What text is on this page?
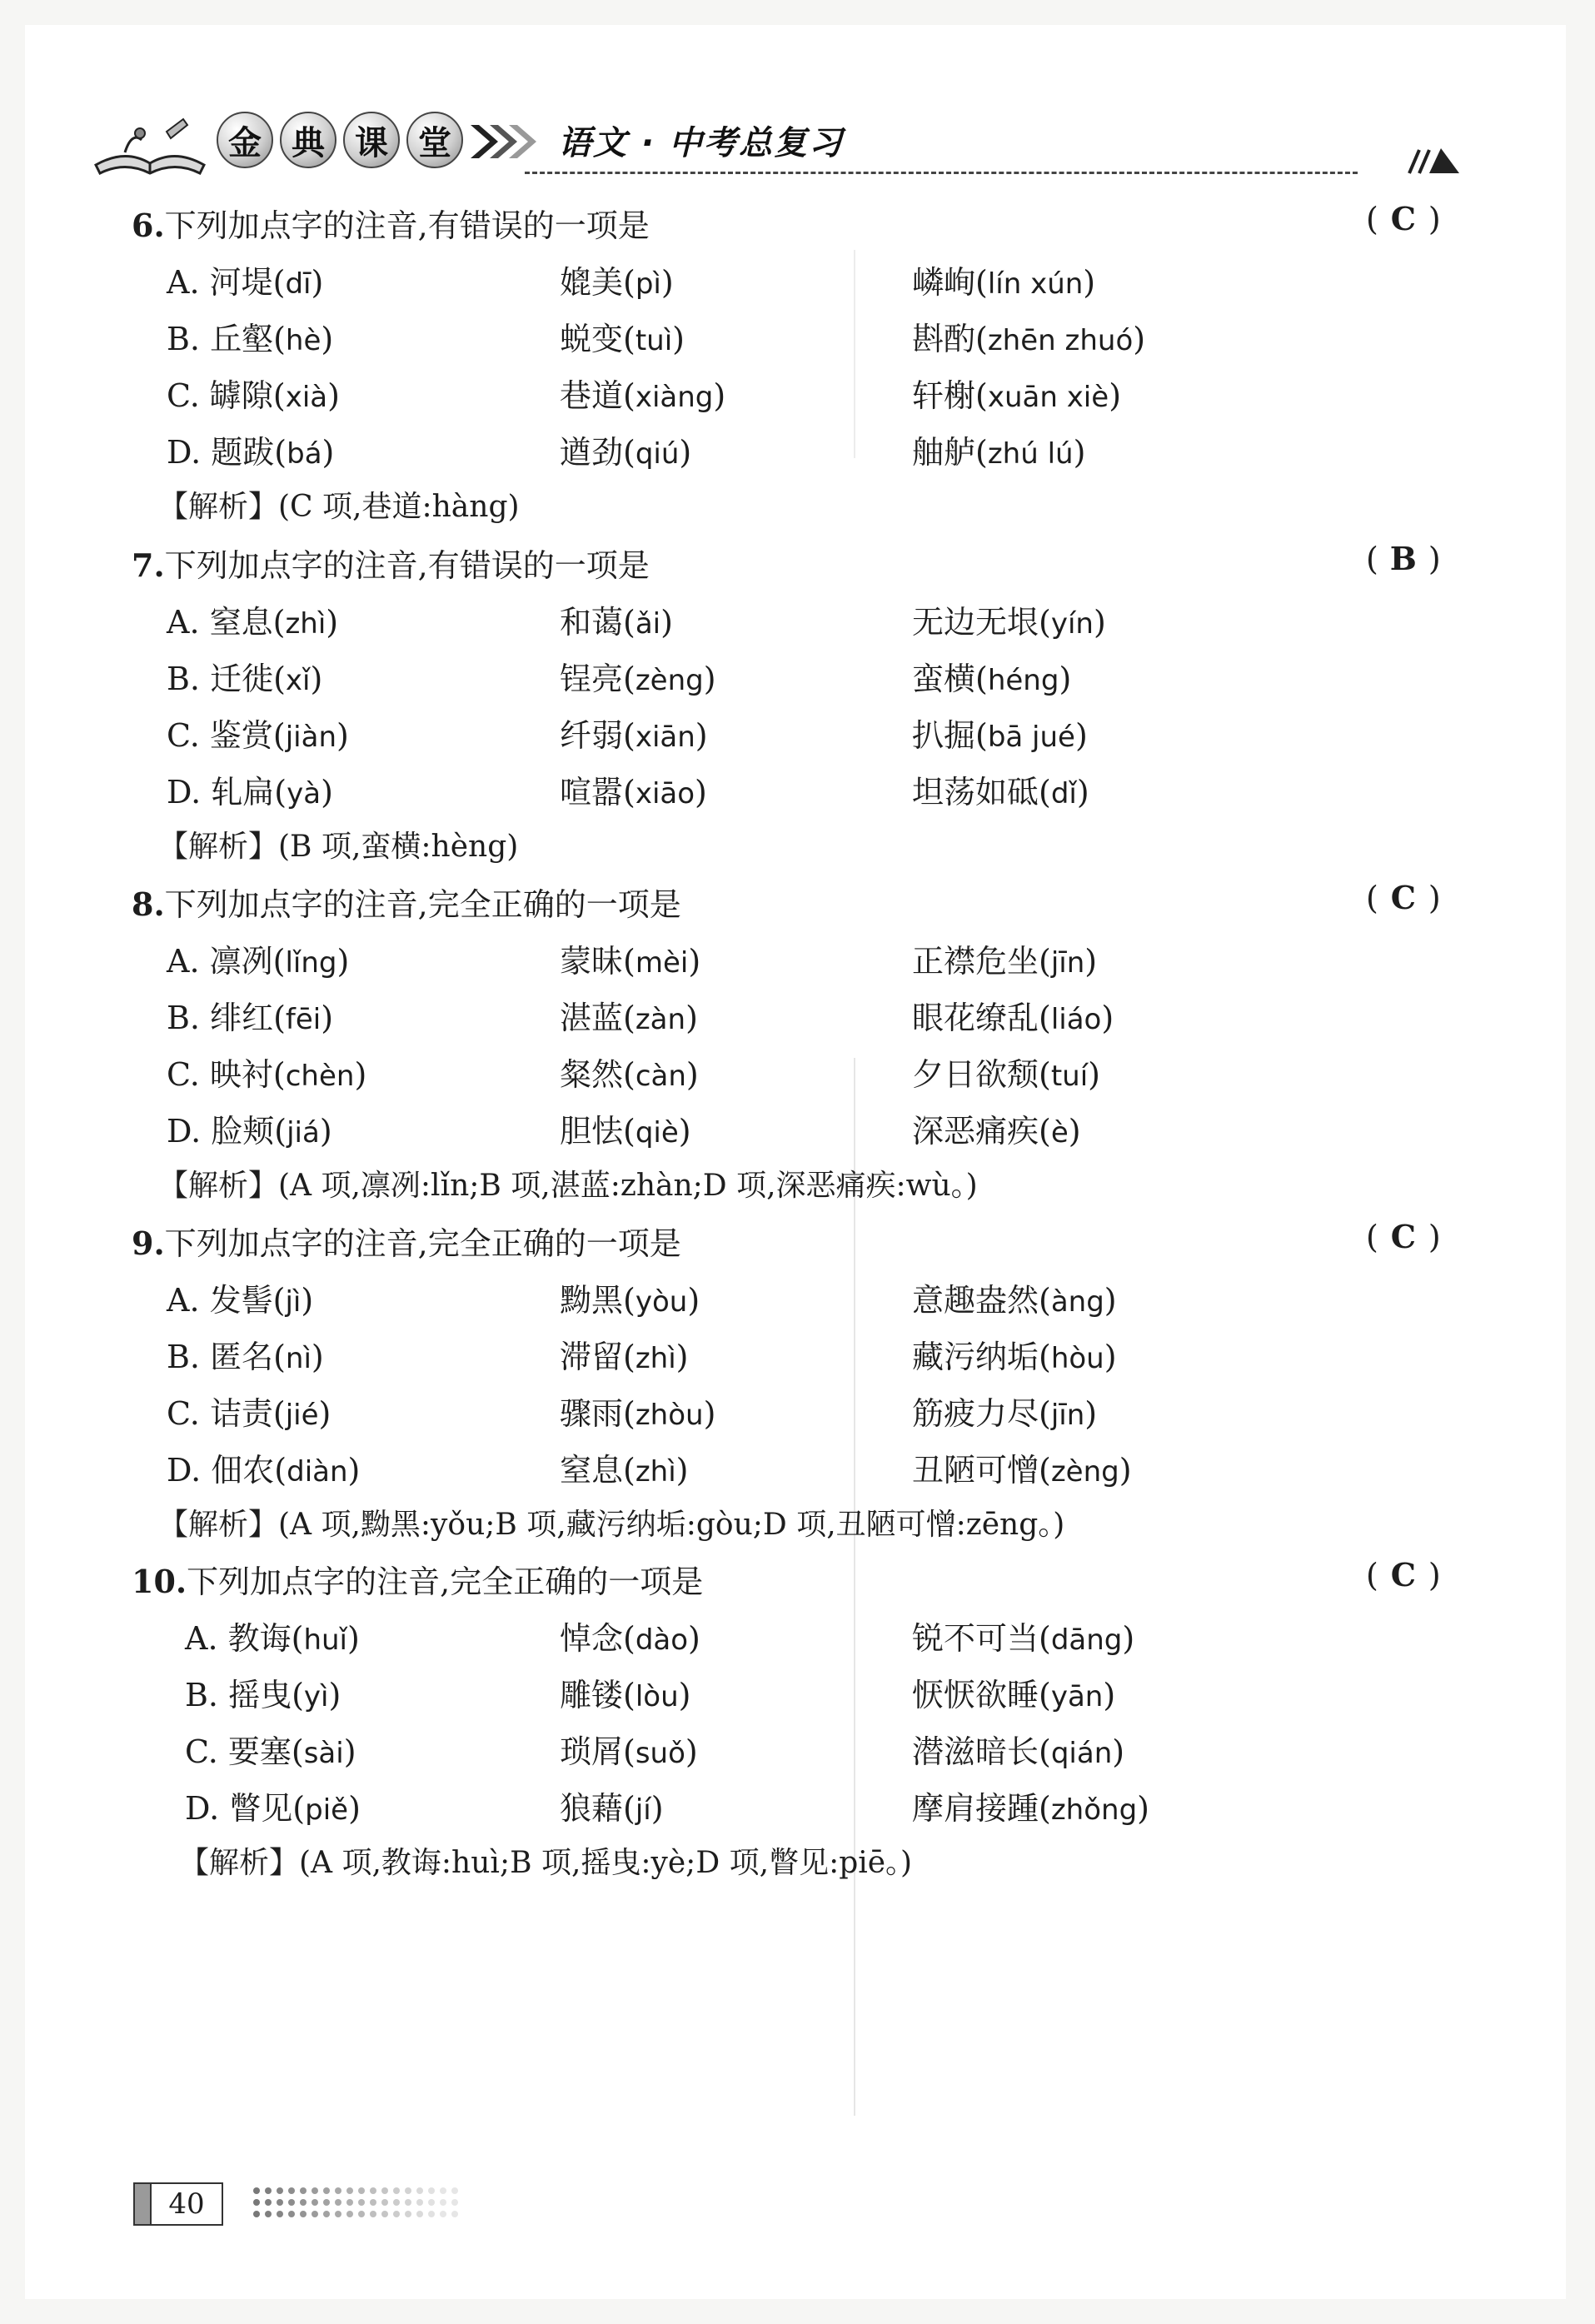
金 典 课 堂	语文 · 中考总复习
6.下列加点字的注音,有错误的一项是	( C )
A. 河堤(dī)	媲美(pì)	嶙峋(lín xún)
B. 丘壑(hè)	蜕变(tuì)	斟酌(zhēn zhuó)
C. 罅隙(xià)	巷道(xiàng)	轩榭(xuān xiè)
D. 题跋(bá)	遒劲(qiú)	舳舻(zhú lú)
【解析】(C 项,巷道:hàng)
7.下列加点字的注音,有错误的一项是	( B )
A. 窒息(zhì)	和蔼(ǎi)	无边无垠(yín)
B. 迁徙(xǐ)	锃亮(zèng)	蛮横(héng)
C. 鉴赏(jiàn)	纤弱(xiān)	扒掘(bā jué)
D. 轧扁(yà)	喧嚣(xiāo)	坦荡如砥(dǐ)
【解析】(B 项,蛮横:hèng)
8.下列加点字的注音,完全正确的一项是	( C )
A. 凛冽(lǐng)	蒙昧(mèi)	正襟危坐(jīn)
B. 绯红(fēi)	湛蓝(zàn)	眼花缭乱(liáo)
C. 映衬(chèn)	粲然(càn)	夕日欲颓(tuí)
D. 脸颊(jiá)	胆怯(qiè)	深恶痛疾(è)
【解析】(A 项,凛冽:lǐn;B 项,湛蓝:zhàn;D 项,深恶痛疾:wù。)
9.下列加点字的注音,完全正确的一项是	( C )
A. 发髻(jì)	黝黑(yòu)	意趣盎然(àng)
B. 匿名(nì)	滞留(zhì)	藏污纳垢(hòu)
C. 诘责(jié)	骤雨(zhòu)	筋疲力尽(jīn)
D. 佃农(diàn)	窒息(zhì)	丑陋可憎(zèng)
【解析】(A 项,黝黑:yǒu;B 项,藏污纳垢:gòu;D 项,丑陋可憎:zēng。)
10.下列加点字的注音,完全正确的一项是	( C )
A. 教诲(huǐ)	悼念(dào)	锐不可当(dāng)
B. 摇曳(yì)	雕镂(lòu)	恹恹欲睡(yān)
C. 要塞(sài)	琐屑(suǒ)	潜滋暗长(qián)
D. 瞥见(piě)	狼藉(jí)	摩肩接踵(zhǒng)
【解析】(A 项,教诲:huì;B 项,摇曳:yè;D 项,瞥见:piē。)
40
